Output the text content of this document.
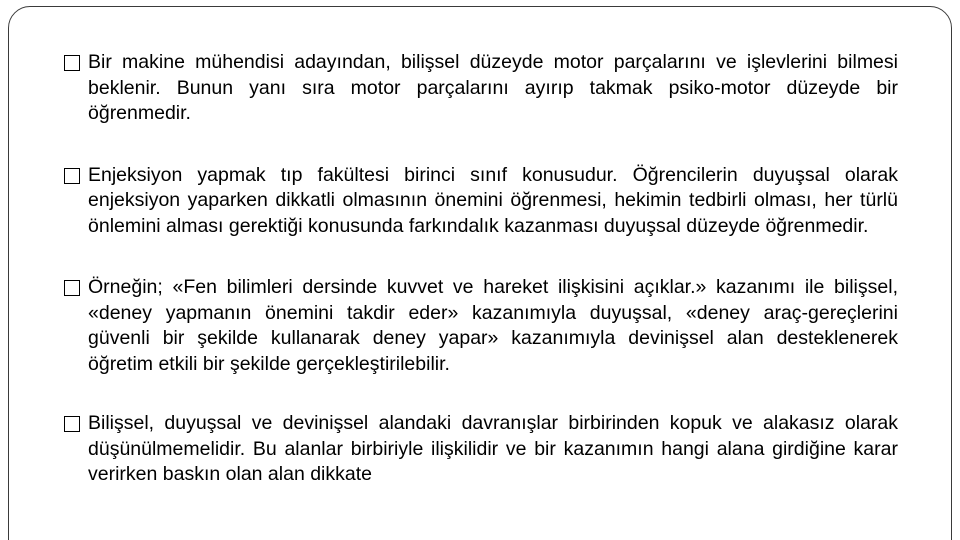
Bir makine mühendisi adayından, bilişsel düzeyde motor parçalarını ve işlevlerini bilmesi beklenir. Bunun yanı sıra motor parçalarını ayırıp takmak psiko-motor düzeyde bir öğrenmedir.
Enjeksiyon yapmak tıp fakültesi birinci sınıf konusudur. Öğrencilerin duyuşsal olarak enjeksiyon yaparken dikkatli olmasının önemini öğrenmesi, hekimin tedbirli olması, her türlü önlemini alması gerektiği konusunda farkındalık kazanması duyuşsal düzeyde öğrenmedir.
Örneğin; «Fen bilimleri dersinde kuvvet ve hareket ilişkisini açıklar.» kazanımı ile bilişsel, «deney yapmanın önemini takdir eder» kazanımıyla duyuşsal, «deney araç-gereçlerini güvenli bir şekilde kullanarak deney yapar» kazanımıyla devinişsel alan desteklenerek öğretim etkili bir şekilde gerçekleştirilebilir.
Bilişsel, duyuşsal ve devinişsel alandaki davranışlar birbirinden kopuk ve alakasız olarak düşünülmemelidir. Bu alanlar birbiriyle ilişkilidir ve bir kazanımın hangi alana girdiğine karar verirken baskın olan alan dikkate
